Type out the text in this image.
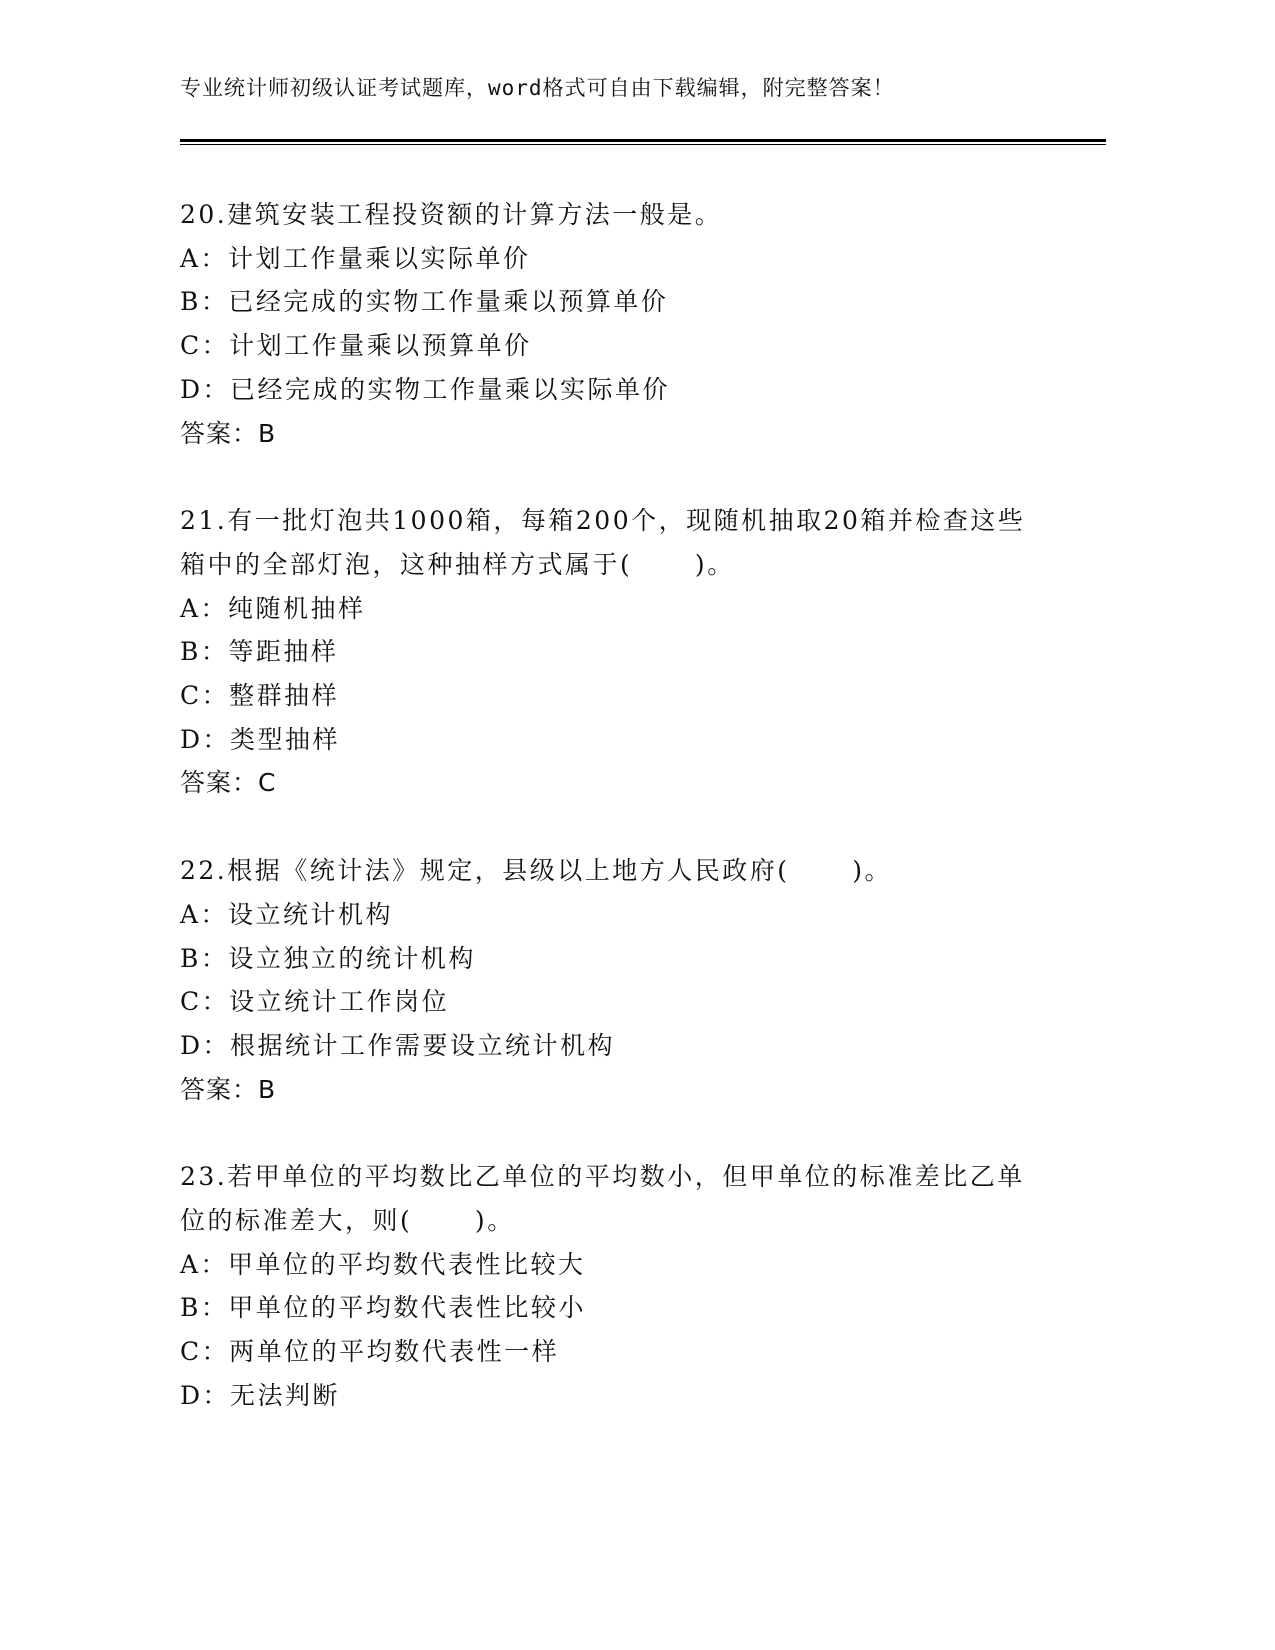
专业统计师初级认证考试题库，word格式可自由下载编辑，附完整答案！
20.建筑安装工程投资额的计算方法一般是。
A：计划工作量乘以实际单价
B：已经完成的实物工作量乘以预算单价
C：计划工作量乘以预算单价
D：已经完成的实物工作量乘以实际单价
答案：B
21.有一批灯泡共1000箱，每箱200个，现随机抽取20箱并检查这些
箱中的全部灯泡，这种抽样方式属于(      )。
A：纯随机抽样
B：等距抽样
C：整群抽样
D：类型抽样
答案：C
22.根据《统计法》规定，县级以上地方人民政府(      )。
A：设立统计机构
B：设立独立的统计机构
C：设立统计工作岗位
D：根据统计工作需要设立统计机构
答案：B
23.若甲单位的平均数比乙单位的平均数小，但甲单位的标准差比乙单
位的标准差大，则(      )。
A：甲单位的平均数代表性比较大
B：甲单位的平均数代表性比较小
C：两单位的平均数代表性一样
D：无法判断
